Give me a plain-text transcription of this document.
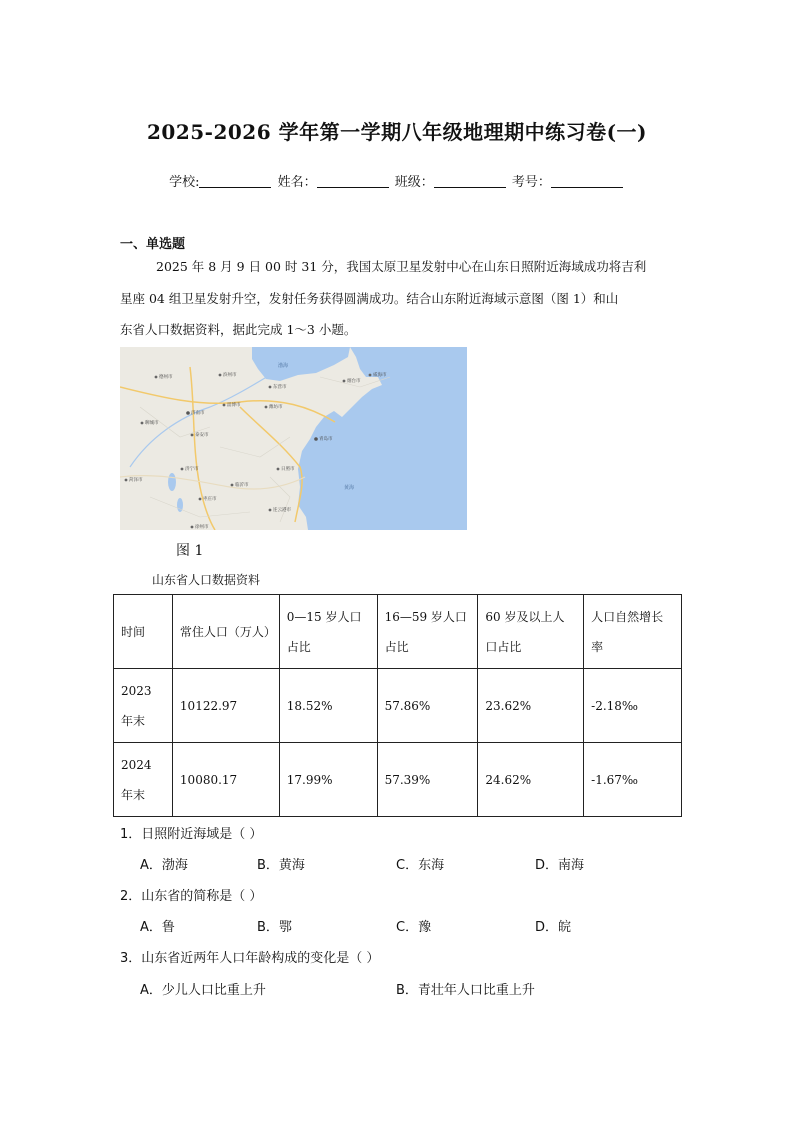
2025-2026 学年第一学期八年级地理期中练习卷(一)
学校:	姓名：	班级：	考号：
一、单选题
2025 年 8 月 9 日 00 时 31 分，我国太原卫星发射中心在山东日照附近海域成功将吉利
星座 04 组卫星发射升空，发射任务获得圆满成功。结合山东附近海域示意图（图 1）和山
东省人口数据资料，据此完成 1～3 小题。
德州市	滨州市
东营市
济南市
淄博市	潍坊市
聊城市
泰安市
青岛市
济宁市	日照市
菏泽市
临沂市
枣庄市
连云港市
徐州市
烟台市
威海市
渤海
黄海
图 1
山东省人口数据资料
时间	常住人口（万人）	0—15 岁人口占比	16—59 岁人口占比	60 岁及以上人口占比	人口自然增长率
2023 年末	10122.97	18.52%	57.86%	23.62%	-2.18‰
2024 年末	10080.17	17.99%	57.39%	24.62%	-1.67‰
1．日照附近海域是（ ）
A．渤海	B．黄海	C．东海	D．南海
2．山东省的简称是（ ）
A．鲁	B．鄂	C．豫	D．皖
3．山东省近两年人口年龄构成的变化是（ ）
A．少儿人口比重上升	B．青壮年人口比重上升
